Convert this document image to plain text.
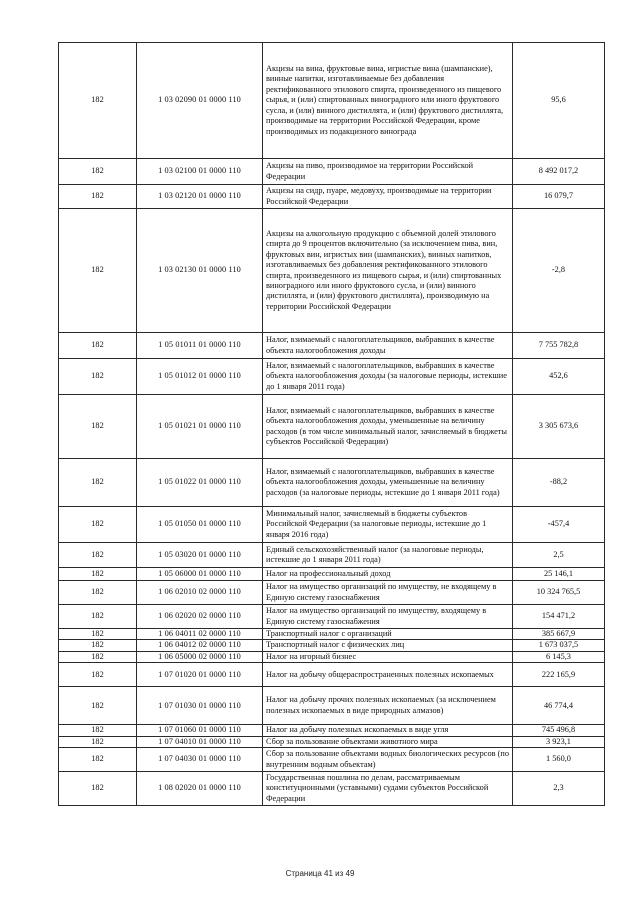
182	1 03 02090 01 0000 110	Акцизы на вина, фруктовые вина, игристые вина (шампанские), винные напитки, изготавливаемые без добавления ректификованного этилового спирта, произведенного из пищевого сырья, и (или) спиртованных виноградного или иного фруктового сусла, и (или) винного дистиллята, и (или) фруктового дистиллята, производимые на территории Российской Федерации, кроме производимых из подакцизного винограда	95,6
182	1 03 02100 01 0000 110	Акцизы на пиво, производимое на территории Российской Федерации	8 492 017,2
182	1 03 02120 01 0000 110	Акцизы на сидр, пуаре, медовуху, производимые на территории Российской Федерации	16 079,7
182	1 03 02130 01 0000 110	Акцизы на алкогольную продукцию с объемной долей этилового спирта до 9 процентов включительно (за исключением пива, вин, фруктовых вин, игристых вин (шампанских), винных напитков, изготавливаемых без добавления ректификованного этилового спирта, произведенного из пищевого сырья, и (или) спиртованных виноградного или иного фруктового сусла, и (или) винного дистиллята, и (или) фруктового дистиллята), производимую на территории Российской Федерации	-2,8
182	1 05 01011 01 0000 110	Налог, взимаемый с налогоплательщиков, выбравших в качестве объекта налогообложения доходы	7 755 782,8
182	1 05 01012 01 0000 110	Налог, взимаемый с налогоплательщиков, выбравших в качестве объекта налогообложения доходы (за налоговые периоды, истекшие до 1 января 2011 года)	452,6
182	1 05 01021 01 0000 110	Налог, взимаемый с налогоплательщиков, выбравших в качестве объекта налогообложения доходы, уменьшенные на величину расходов (в том числе минимальный налог, зачисляемый в бюджеты субъектов Российской Федерации)	3 305 673,6
182	1 05 01022 01 0000 110	Налог, взимаемый с налогоплательщиков, выбравших в качестве объекта налогообложения доходы, уменьшенные на величину расходов (за налоговые периоды, истекшие до 1 января 2011 года)	-88,2
182	1 05 01050 01 0000 110	Минимальный налог, зачисляемый в бюджеты субъектов Российской Федерации (за налоговые периоды, истекшие до 1 января 2016 года)	-457,4
182	1 05 03020 01 0000 110	Единый сельскохозяйственный налог (за налоговые периоды, истекшие до 1 января 2011 года)	2,5
182	1 05 06000 01 0000 110	Налог на профессиональный доход	25 146,1
182	1 06 02010 02 0000 110	Налог на имущество организаций по имуществу, не входящему в Единую систему газоснабжения	10 324 765,5
182	1 06 02020 02 0000 110	Налог на имущество организаций по имуществу, входящему в Единую систему газоснабжения	154 471,2
182	1 06 04011 02 0000 110	Транспортный налог с организаций	385 667,9
182	1 06 04012 02 0000 110	Транспортный налог с физических лиц	1 673 037,5
182	1 06 05000 02 0000 110	Налог на игорный бизнес	6 145,3
182	1 07 01020 01 0000 110	Налог на добычу общераспространенных полезных ископаемых	222 165,9
182	1 07 01030 01 0000 110	Налог на добычу прочих полезных ископаемых (за исключением полезных ископаемых в виде природных алмазов)	46 774,4
182	1 07 01060 01 0000 110	Налог на добычу полезных ископаемых в виде угля	745 496,8
182	1 07 04010 01 0000 110	Сбор за пользование объектами животного мира	3 923,1
182	1 07 04030 01 0000 110	Сбор за пользование объектами водных биологических ресурсов (по внутренним водным объектам)	1 560,0
182	1 08 02020 01 0000 110	Государственная пошлина по делам, рассматриваемым конституционными (уставными) судами субъектов Российской Федерации	2,3
Страница 41 из 49
